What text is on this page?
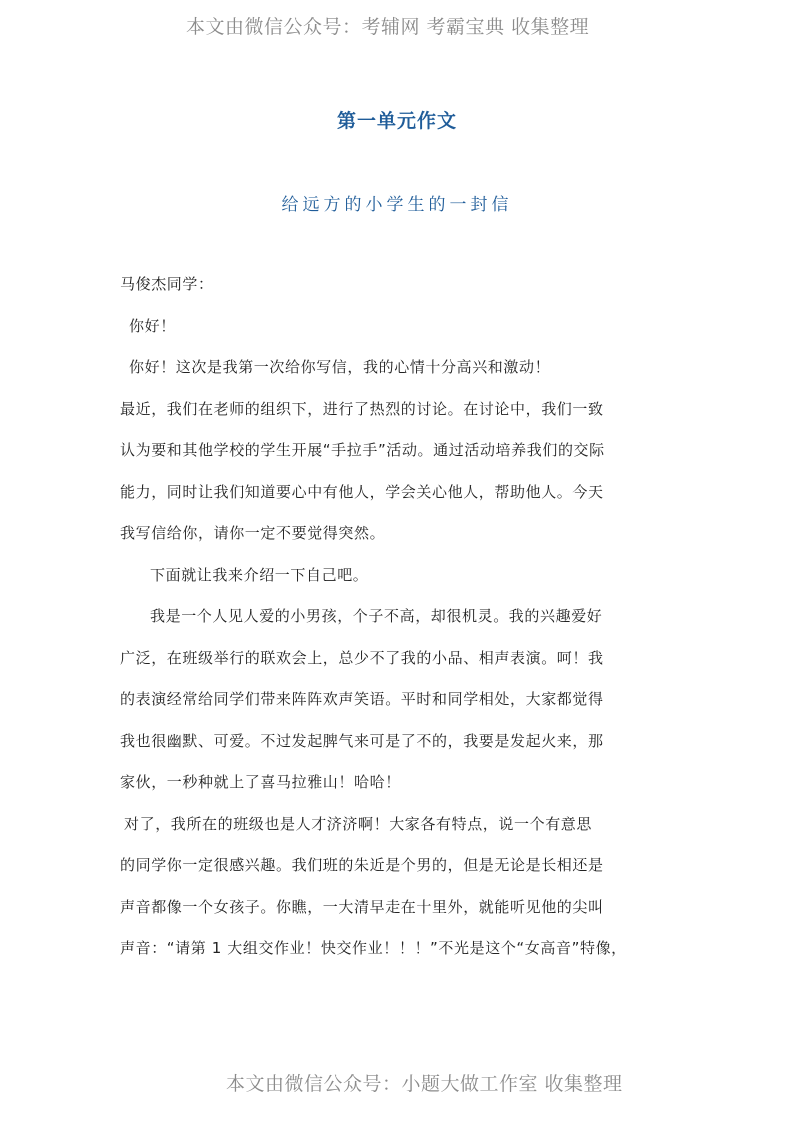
本文由微信公众号：考辅网 考霸宝典 收集整理
第一单元作文
给远方的小学生的一封信
马俊杰同学：
你好！
你好！这次是我第一次给你写信，我的心情十分高兴和激动！
最近，我们在老师的组织下，进行了热烈的讨论。在讨论中，我们一致
认为要和其他学校的学生开展“手拉手”活动。通过活动培养我们的交际
能力，同时让我们知道要心中有他人，学会关心他人，帮助他人。今天
我写信给你，请你一定不要觉得突然。
下面就让我来介绍一下自己吧。
我是一个人见人爱的小男孩，个子不高，却很机灵。我的兴趣爱好
广泛，在班级举行的联欢会上，总少不了我的小品、相声表演。呵！我
的表演经常给同学们带来阵阵欢声笑语。平时和同学相处，大家都觉得
我也很幽默、可爱。不过发起脾气来可是了不的，我要是发起火来，那
家伙，一秒种就上了喜马拉雅山！哈哈！
对了，我所在的班级也是人才济济啊！大家各有特点，说一个有意思
的同学你一定很感兴趣。我们班的朱近是个男的，但是无论是长相还是
声音都像一个女孩子。你瞧，一大清早走在十里外，就能听见他的尖叫
声音：“请第 1 大组交作业！快交作业！！！”不光是这个“女高音”特像，
本文由微信公众号：小题大做工作室 收集整理
